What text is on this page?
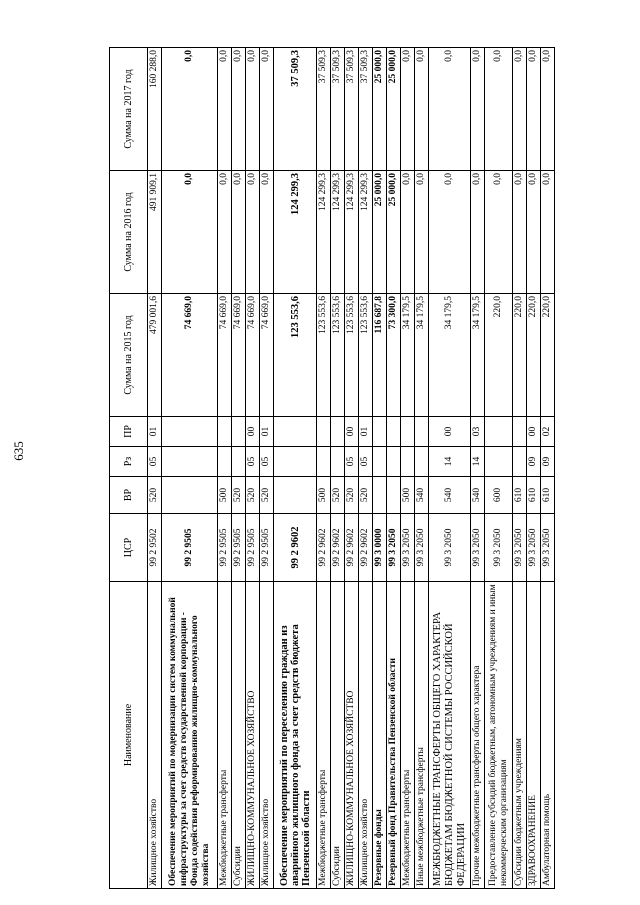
635
Наименование	ЦСР	ВР	Рз	ПР	Сумма на 2015 год	Сумма на 2016 год	Сумма на 2017 год
Жилищное хозяйство	99 2 9502	520	05	01	479 001,6	491 909,1	160 288,0
Обеспечение мероприятий по модернизации систем коммунальной инфраструктуры за счет средств государственной корпорации - Фонда содействия реформированию жилищно-коммунального хозяйства	99 2 9505				74 669,0	0,0	0,0
Межбюджетные трансферты	99 2 9505	500			74 669,0	0,0	0,0
Субсидии	99 2 9505	520			74 669,0	0,0	0,0
ЖИЛИЩНО-КОММУНАЛЬНОЕ ХОЗЯЙСТВО	99 2 9505	520	05	00	74 669,0	0,0	0,0
Жилищное хозяйство	99 2 9505	520	05	01	74 669,0	0,0	0,0
Обеспечение мероприятий по переселению граждан из аварийного жилищного фонда за счет средств бюджета Пензенской области	99 2 9602				123 553,6	124 299,3	37 509,3
Межбюджетные трансферты	99 2 9602	500			123 553,6	124 299,3	37 509,3
Субсидии	99 2 9602	520			123 553,6	124 299,3	37 509,3
ЖИЛИЩНО-КОММУНАЛЬНОЕ ХОЗЯЙСТВО	99 2 9602	520	05	00	123 553,6	124 299,3	37 509,3
Жилищное хозяйство	99 2 9602	520	05	01	123 553,6	124 299,3	37 509,3
Резервные фонды	99 3 0000				116 687,8	25 000,0	25 000,0
Резервный фонд Правительства Пензенской области	99 3 2050				73 300,0	25 000,0	25 000,0
Межбюджетные трансферты	99 3 2050	500			34 179,5	0,0	0,0
Иные межбюджетные трансферты	99 3 2050	540			34 179,5	0,0	0,0
МЕЖБЮДЖЕТНЫЕ ТРАНСФЕРТЫ ОБЩЕГО ХАРАКТЕРА БЮДЖЕТАМ БЮДЖЕТНОЙ СИСТЕМЫ РОССИЙСКОЙ ФЕДЕРАЦИИ	99 3 2050	540	14	00	34 179,5	0,0	0,0
Прочие межбюджетные трансферты общего характера	99 3 2050	540	14	03	34 179,5	0,0	0,0
Предоставление субсидий бюджетным, автономным учреждениям и иным некоммерческим организациям	99 3 2050	600			220,0	0,0	0,0
Субсидии бюджетным учреждениям	99 3 2050	610			220,0	0,0	0,0
ЗДРАВООХРАНЕНИЕ	99 3 2050	610	09	00	220,0	0,0	0,0
Амбулаторная помощь	99 3 2050	610	09	02	220,0	0,0	0,0
